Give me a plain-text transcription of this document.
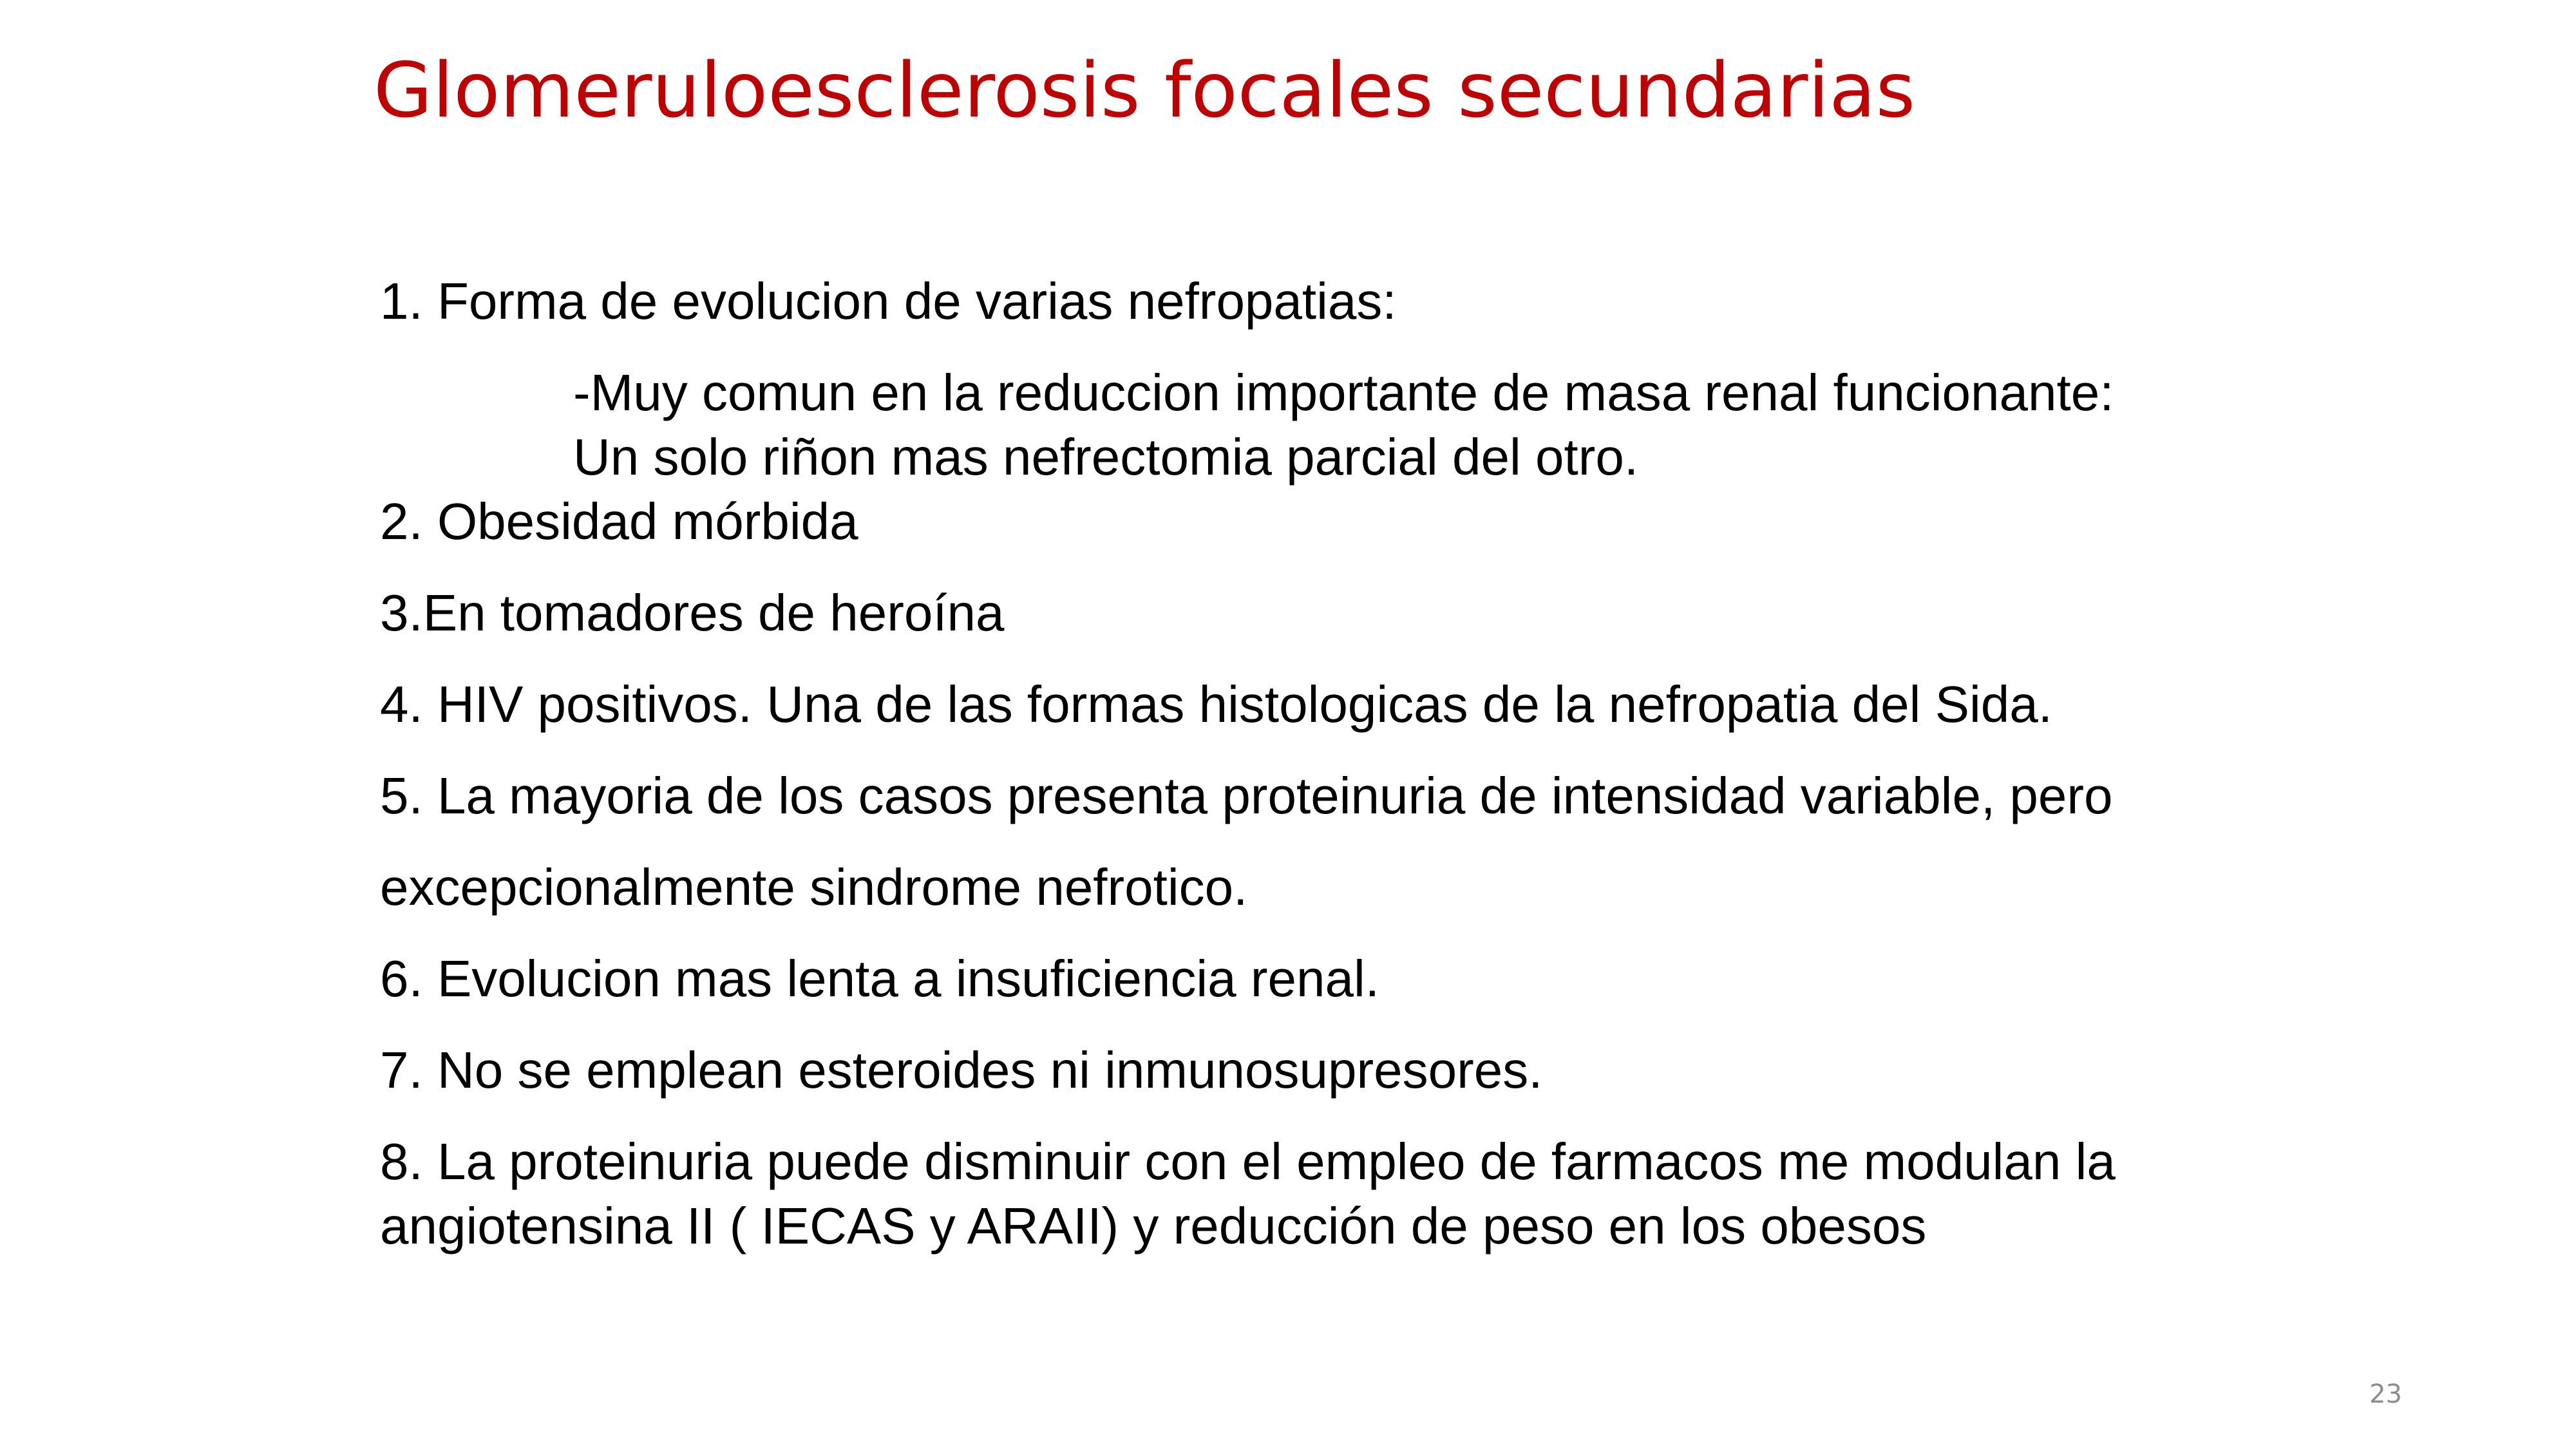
Glomeruloesclerosis focales secundarias

1. Forma de evolucion de varias nefropatias:

-Muy comun en la reduccion importante de masa renal funcionante:

Un solo riñon mas nefrectomia parcial del otro.

2. Obesidad mórbida

3.En tomadores de heroína

4. HIV positivos. Una de las formas histologicas de la nefropatia del Sida.

5. La mayoria de los casos presenta proteinuria de intensidad variable, pero

excepcionalmente sindrome nefrotico.

6. Evolucion mas lenta a insuficiencia renal.

7. No se emplean esteroides ni inmunosupresores.

8. La proteinuria puede disminuir con el empleo de farmacos me modulan la

angiotensina II ( IECAS y ARAII) y reducción de peso en los obesos

23
